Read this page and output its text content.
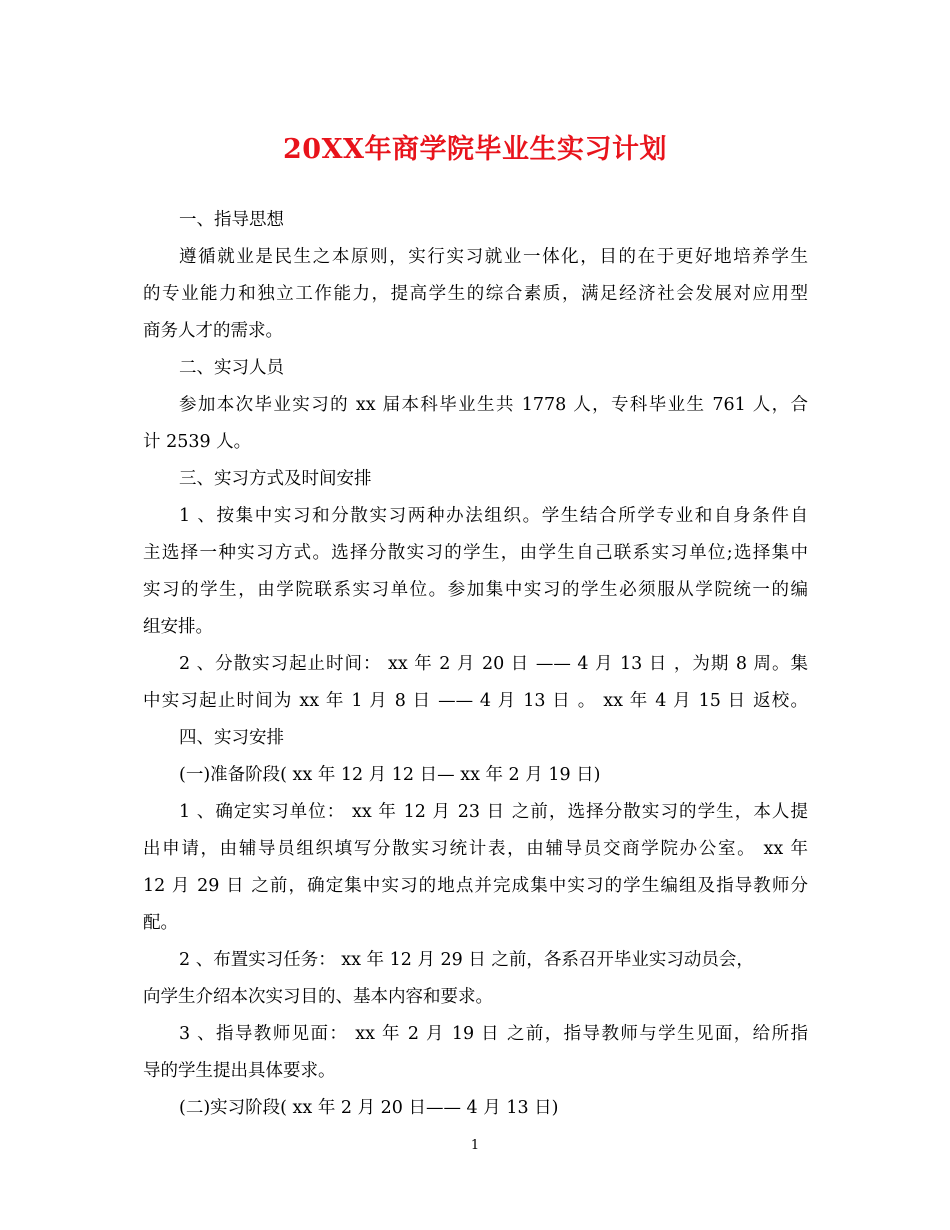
20XX年商学院毕业生实习计划
一、指导思想
遵循就业是民生之本原则，实行实习就业一体化，目的在于更好地培养学生
的专业能力和独立工作能力，提高学生的综合素质，满足经济社会发展对应用型
商务人才的需求。
二、实习人员
参加本次毕业实习的 xx 届本科毕业生共 1778 人，专科毕业生 761 人，合
计 2539 人。
三、实习方式及时间安排
1 、按集中实习和分散实习两种办法组织。学生结合所学专业和自身条件自
主选择一种实习方式。选择分散实习的学生，由学生自己联系实习单位;选择集中
实习的学生，由学院联系实习单位。参加集中实习的学生必须服从学院统一的编
组安排。
2 、分散实习起止时间： xx 年 2 月 20 日 —— 4 月 13 日 ，为期 8 周。集
中实习起止时间为 xx 年 1 月 8 日 —— 4 月 13 日 。 xx 年 4 月 15 日 返校。
四、实习安排
(一)准备阶段( xx 年 12 月 12 日— xx 年 2 月 19 日)
1 、确定实习单位： xx 年 12 月 23 日 之前，选择分散实习的学生，本人提
出申请，由辅导员组织填写分散实习统计表，由辅导员交商学院办公室。 xx 年
12 月 29 日 之前，确定集中实习的地点并完成集中实习的学生编组及指导教师分
配。
2 、布置实习任务： xx 年 12 月 29 日 之前，各系召开毕业实习动员会，
向学生介绍本次实习目的、基本内容和要求。
3 、指导教师见面： xx 年 2 月 19 日 之前，指导教师与学生见面，给所指
导的学生提出具体要求。
(二)实习阶段( xx 年 2 月 20 日—— 4 月 13 日)
1
